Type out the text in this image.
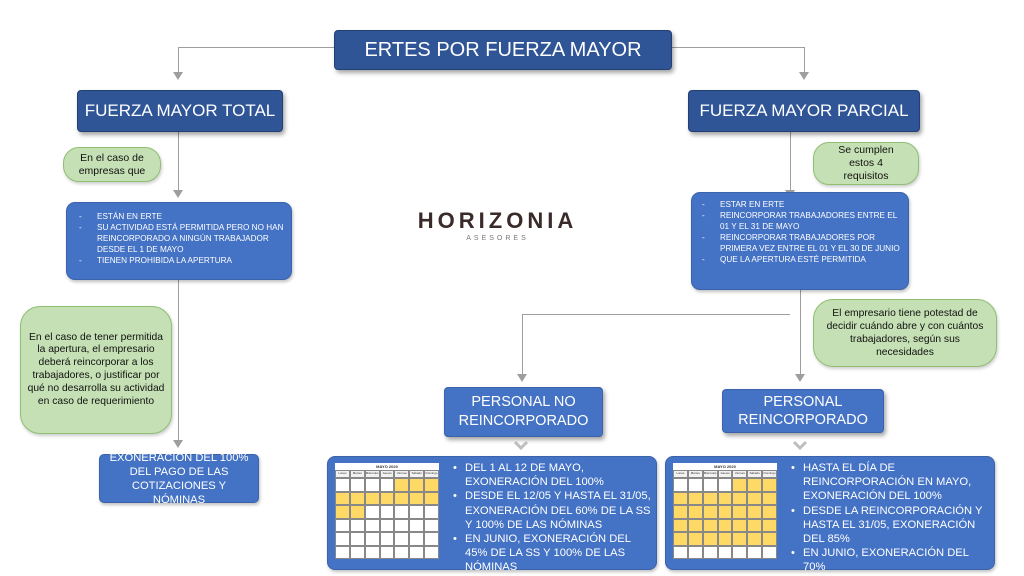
ERTES POR FUERZA MAYOR
FUERZA MAYOR TOTAL
En el caso de empresas que
- ESTÁN EN ERTE
- SU ACTIVIDAD ESTÁ PERMITIDA PERO NO HAN REINCORPORADO A NINGÚN TRABAJADOR DESDE EL 1 DE MAYO
- TIENEN PROHIBIDA LA APERTURA
En el caso de tener permitida la apertura, el empresario deberá reincorporar a los trabajadores, o justificar por qué no desarrolla su actividad en caso de requerimiento
EXONERACIÓN DEL 100% DEL PAGO DE LAS COTIZACIONES Y NÓMINAS
HORIZONIA
ASESORES
FUERZA MAYOR PARCIAL
Se cumplen estos 4 requisitos
- ESTAR EN ERTE
- REINCORPORAR TRABAJADORES ENTRE EL 01 Y EL 31 DE MAYO
- REINCORPORAR TRABAJADORES POR PRIMERA VEZ ENTRE EL 01 Y EL 30 DE JUNIO
- QUE LA APERTURA ESTÉ PERMITIDA
El empresario tiene potestad de decidir cuándo abre y con cuántos trabajadores, según sus necesidades
PERSONAL NO REINCORPORADO
PERSONAL REINCORPORADO
MAYO 2020
Lunes	Martes	Miércoles	Jueves	Viernes	Sábado	Domingo	• DEL 1 AL 12 DE MAYO, EXONERACIÓN DEL 100%
• DESDE EL 12/05 Y HASTA EL 31/05, EXONERACIÓN DEL 60% DE LA SS Y 100% DE LAS NÓMINAS
• EN JUNIO, EXONERACIÓN DEL 45% DE LA SS Y 100% DE LAS NÓMINAS
MAYO 2020
Lunes	Martes	Miércoles	Jueves	Viernes	Sábado	Domingo	• HASTA EL DÍA DE REINCORPORACIÓN EN MAYO, EXONERACIÓN DEL 100%
• DESDE LA REINCORPORACIÓN Y HASTA EL 31/05, EXONERACIÓN DEL 85%
• EN JUNIO, EXONERACIÓN DEL 70%
